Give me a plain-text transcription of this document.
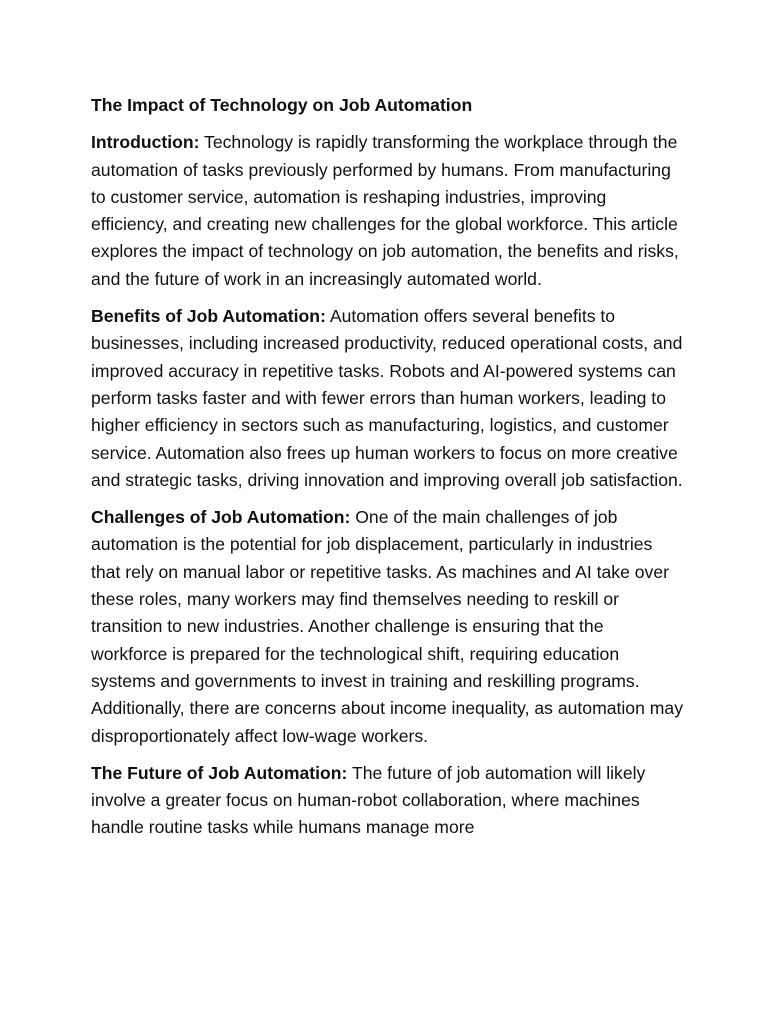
The Impact of Technology on Job Automation

Introduction: Technology is rapidly transforming the workplace through the automation of tasks previously performed by humans. From manufacturing to customer service, automation is reshaping industries, improving efficiency, and creating new challenges for the global workforce. This article explores the impact of technology on job automation, the benefits and risks, and the future of work in an increasingly automated world.

Benefits of Job Automation: Automation offers several benefits to businesses, including increased productivity, reduced operational costs, and improved accuracy in repetitive tasks. Robots and AI-powered systems can perform tasks faster and with fewer errors than human workers, leading to higher efficiency in sectors such as manufacturing, logistics, and customer service. Automation also frees up human workers to focus on more creative and strategic tasks, driving innovation and improving overall job satisfaction.

Challenges of Job Automation: One of the main challenges of job automation is the potential for job displacement, particularly in industries that rely on manual labor or repetitive tasks. As machines and AI take over these roles, many workers may find themselves needing to reskill or transition to new industries. Another challenge is ensuring that the workforce is prepared for the technological shift, requiring education systems and governments to invest in training and reskilling programs. Additionally, there are concerns about income inequality, as automation may disproportionately affect low-wage workers.

The Future of Job Automation: The future of job automation will likely involve a greater focus on human-robot collaboration, where machines handle routine tasks while humans manage more
